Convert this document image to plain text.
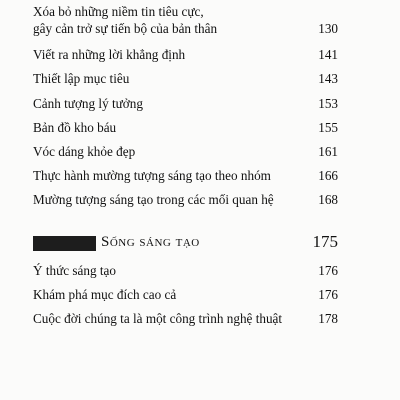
Xóa bỏ những niềm tin tiêu cực,
gây cản trở sự tiến bộ của bản thân	130
Viết ra những lời khẳng định	141
Thiết lập mục tiêu	143
Cảnh tượng lý tưởng	153
Bản đồ kho báu	155
Vóc dáng khỏe đẹp	161
Thực hành mường tượng sáng tạo theo nhóm	166
Mường tượng sáng tạo trong các mối quan hệ	168
Sống sáng tạo	175
Ý thức sáng tạo	176
Khám phá mục đích cao cả	176
Cuộc đời chúng ta là một công trình nghệ thuật	178
